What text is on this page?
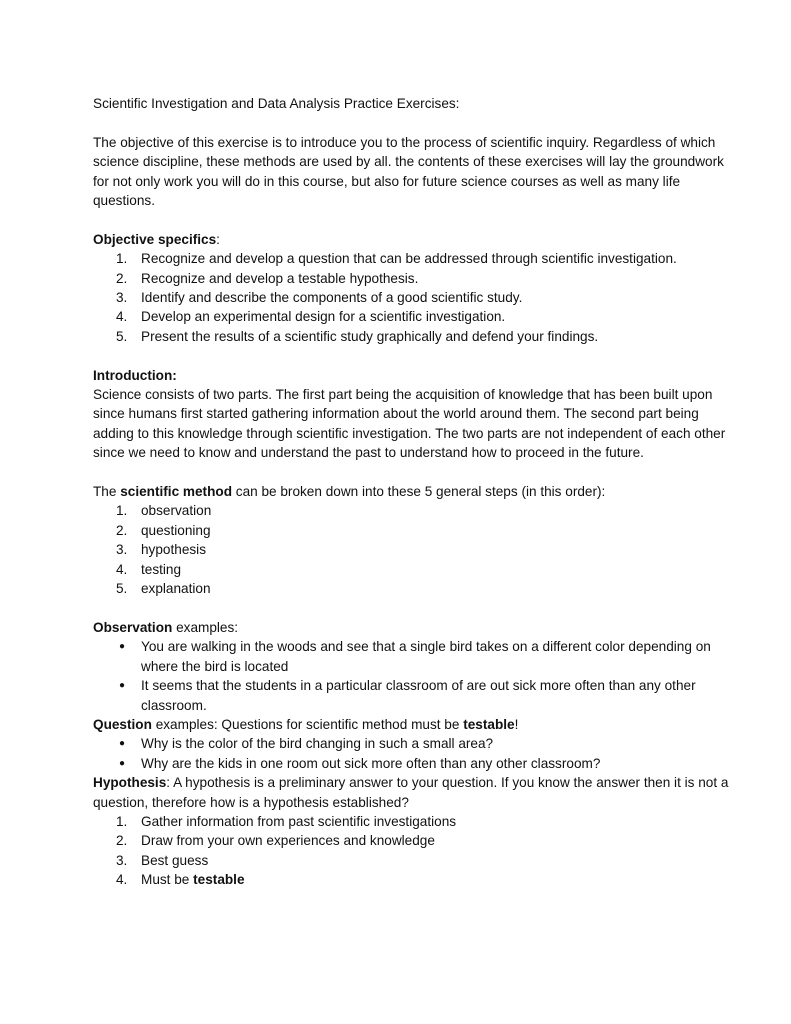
Scientific Investigation and Data Analysis Practice Exercises:

The objective of this exercise is to introduce you to the process of scientific inquiry. Regardless of which science discipline, these methods are used by all. the contents of these exercises will lay the groundwork for not only work you will do in this course, but also for future science courses as well as many life questions.

Objective specifics:

1. Recognize and develop a question that can be addressed through scientific investigation.
2. Recognize and develop a testable hypothesis.
3. Identify and describe the components of a good scientific study.
4. Develop an experimental design for a scientific investigation.
5. Present the results of a scientific study graphically and defend your findings.

Introduction:

Science consists of two parts. The first part being the acquisition of knowledge that has been built upon since humans first started gathering information about the world around them. The second part being adding to this knowledge through scientific investigation. The two parts are not independent of each other since we need to know and understand the past to understand how to proceed in the future.

The scientific method can be broken down into these 5 general steps (in this order):

1. observation
2. questioning
3. hypothesis
4. testing
5. explanation

Observation examples:

● You are walking in the woods and see that a single bird takes on a different color depending on where the bird is located
● It seems that the students in a particular classroom of are out sick more often than any other classroom.

Question examples: Questions for scientific method must be testable!

● Why is the color of the bird changing in such a small area?
● Why are the kids in one room out sick more often than any other classroom?

Hypothesis: A hypothesis is a preliminary answer to your question. If you know the answer then it is not a question, therefore how is a hypothesis established?

1. Gather information from past scientific investigations
2. Draw from your own experiences and knowledge
3. Best guess
4. Must be testable
